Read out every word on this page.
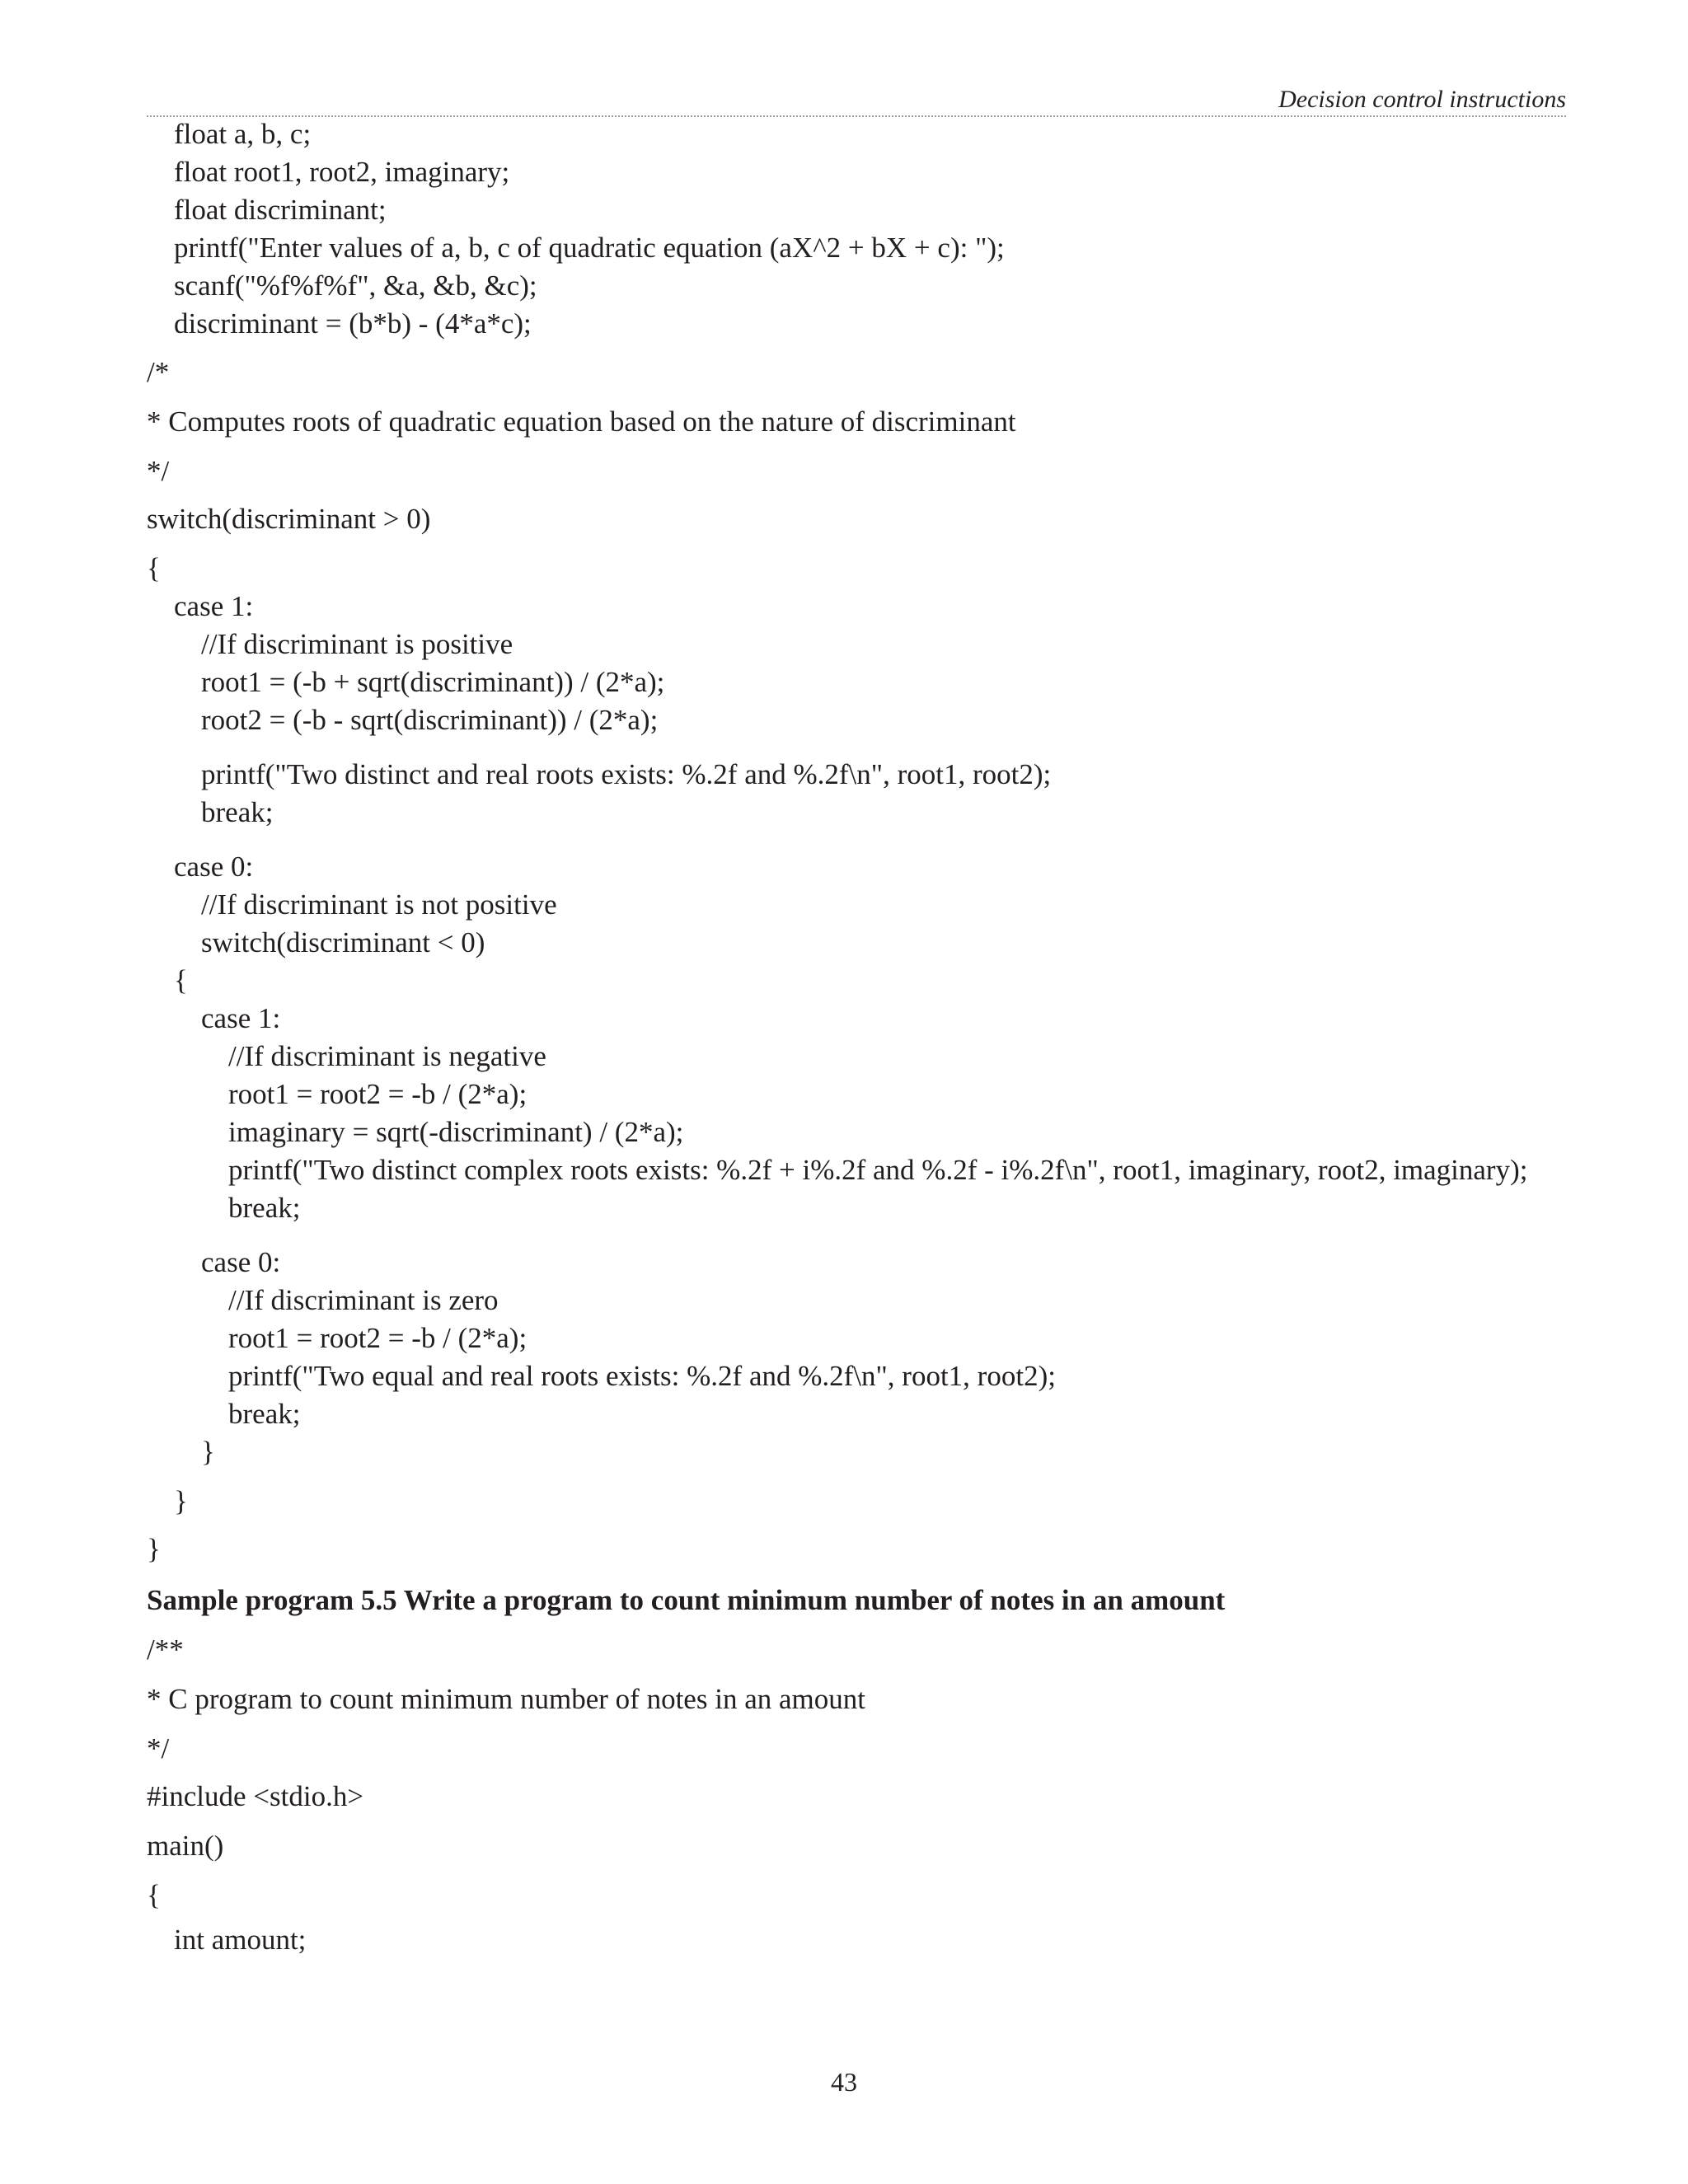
Decision control instructions
float a, b, c;
float root1, root2, imaginary;
float discriminant;
printf("Enter values of a, b, c of quadratic equation (aX^2 + bX + c): ");
scanf("%f%f%f", &a, &b, &c);
discriminant = (b*b) - (4*a*c);
/*
* Computes roots of quadratic equation based on the nature of discriminant
*/
switch(discriminant > 0)
{
case 1:
//If discriminant is positive
root1 = (-b + sqrt(discriminant)) / (2*a);
root2 = (-b - sqrt(discriminant)) / (2*a);
printf("Two distinct and real roots exists: %.2f and %.2f\n", root1, root2);
break;
case 0:
//If discriminant is not positive
switch(discriminant < 0)
{
case 1:
//If discriminant is negative
root1 = root2 = -b / (2*a);
imaginary = sqrt(-discriminant) / (2*a);
printf("Two distinct complex roots exists: %.2f + i%.2f and %.2f - i%.2f\n", root1, imaginary, root2, imaginary);
break;
case 0:
//If discriminant is zero
root1 = root2 = -b / (2*a);
printf("Two equal and real roots exists: %.2f and %.2f\n", root1, root2);
break;
}
}
}
Sample program 5.5 Write a program to count minimum number of notes in an amount
/**
* C program to count minimum number of notes in an amount
*/
#include <stdio.h>
main()
{
int amount;
43
